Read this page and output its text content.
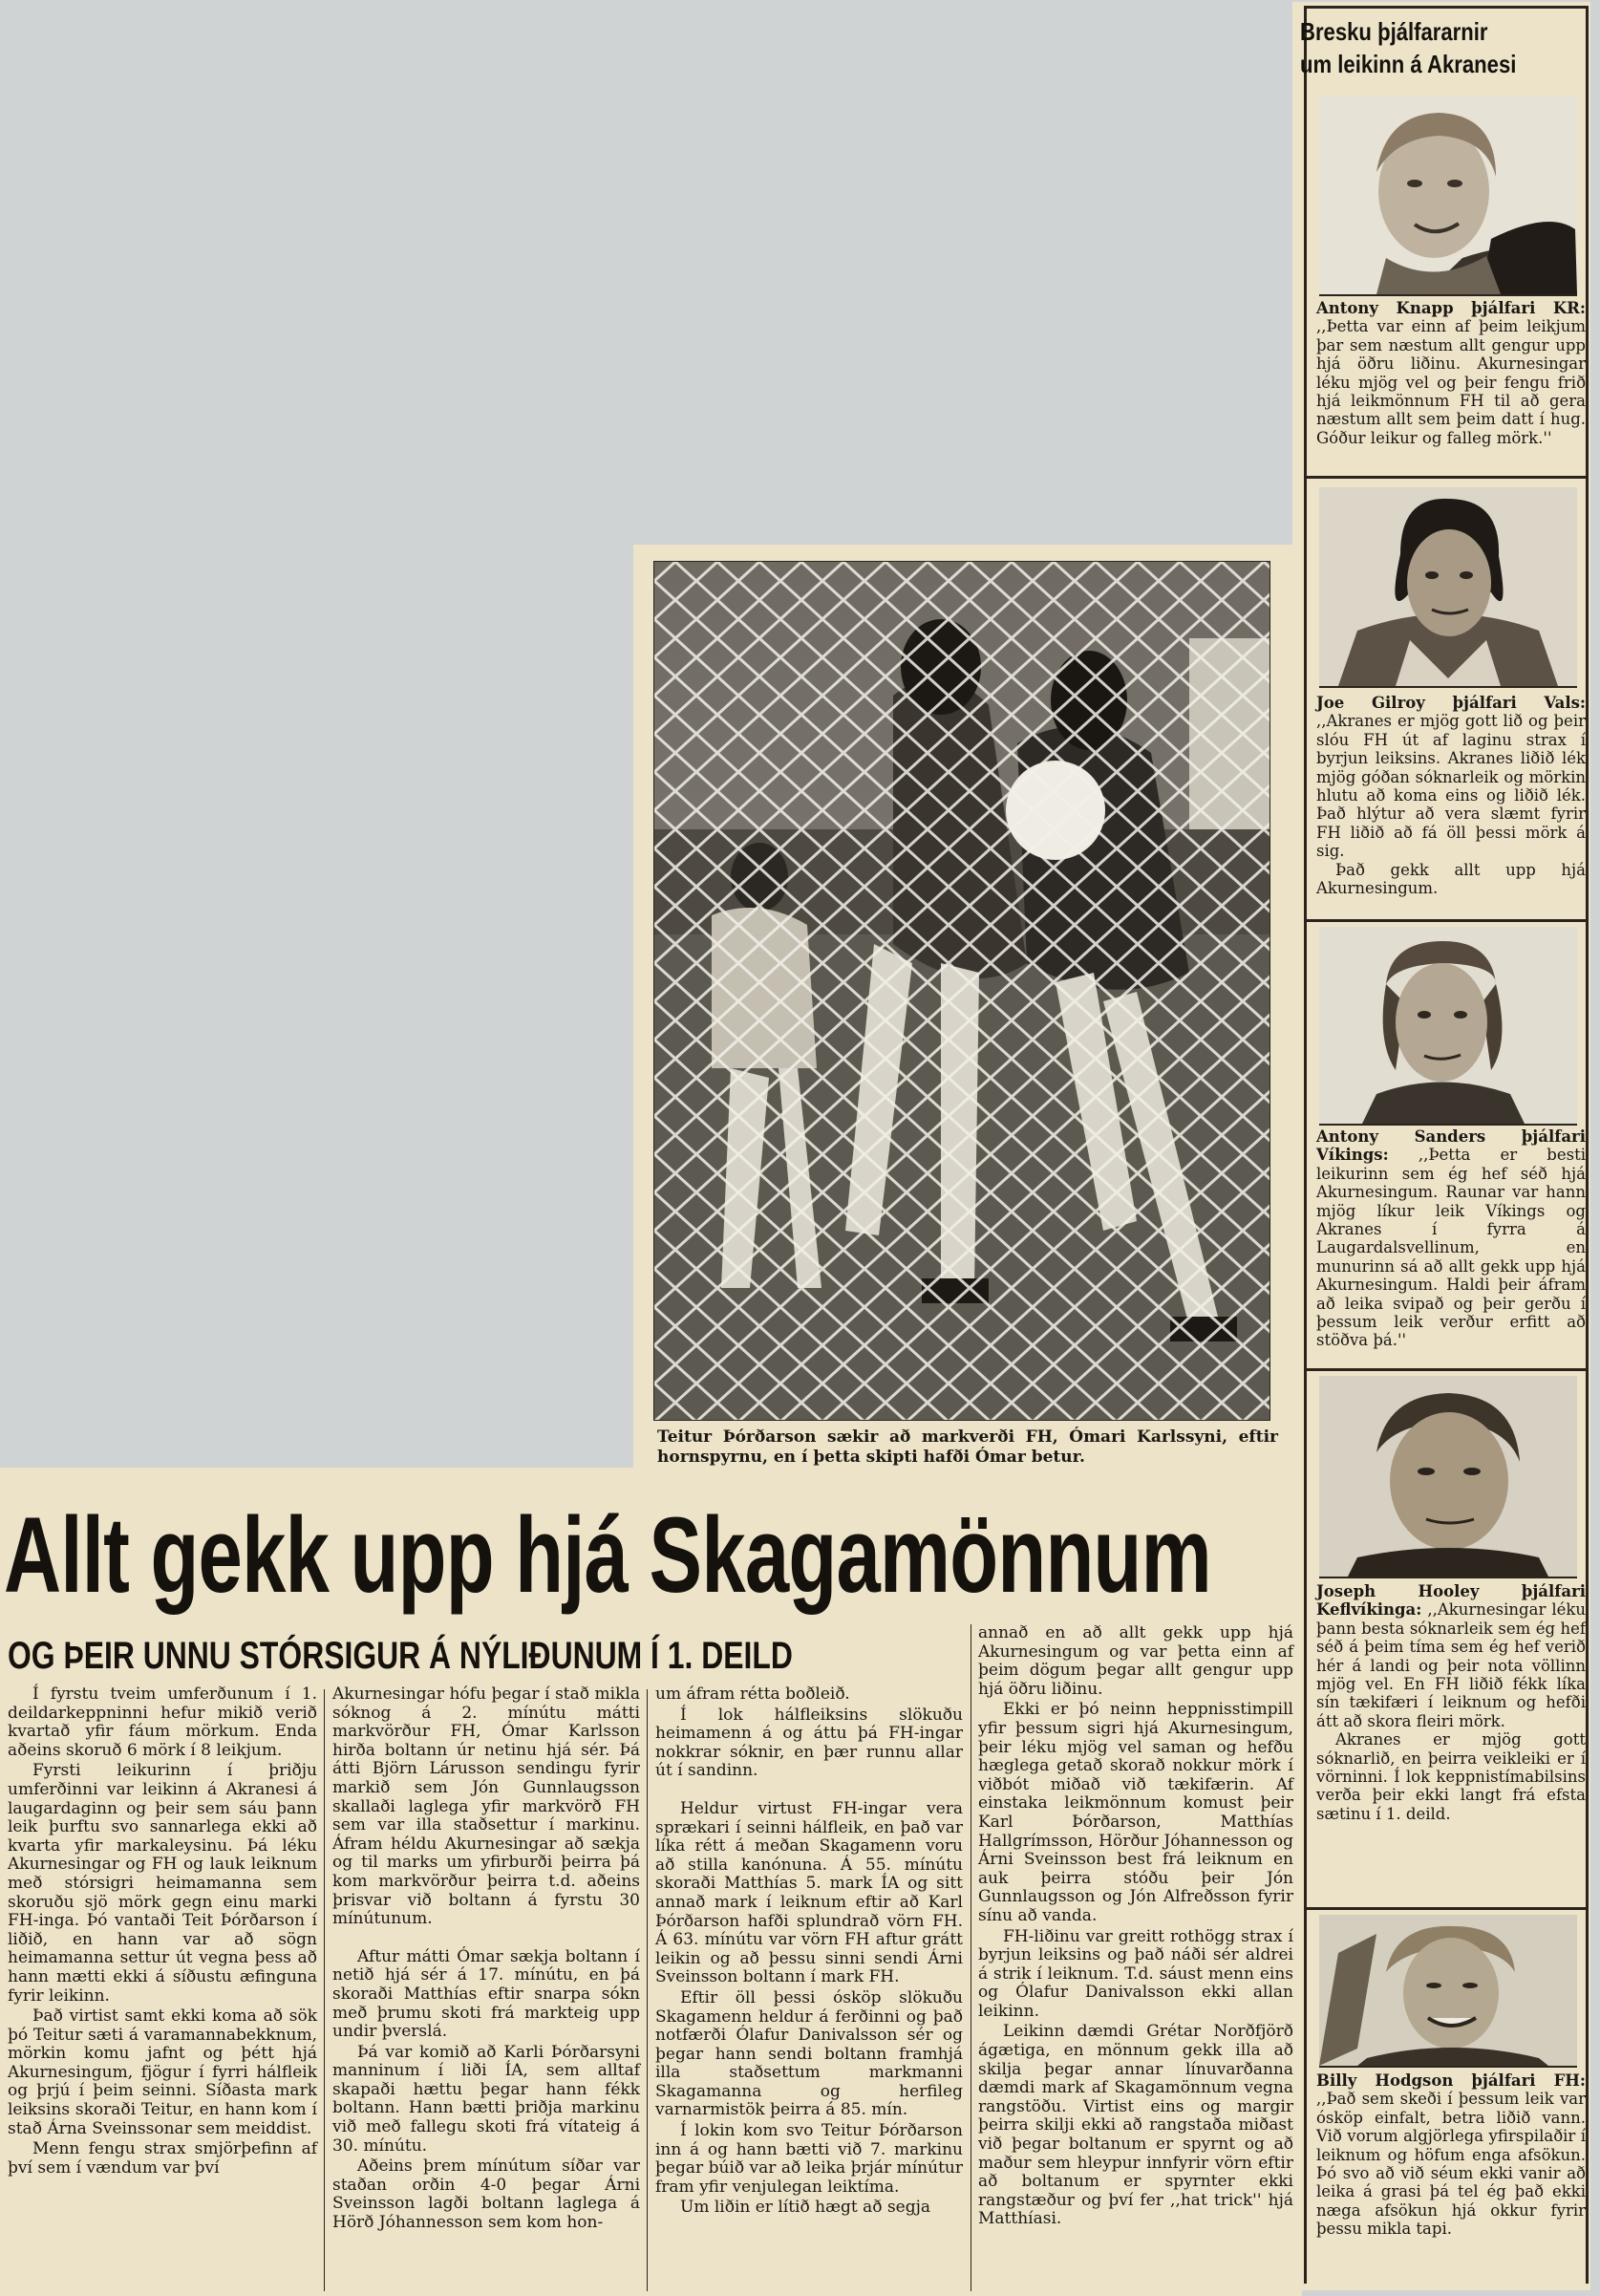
Bresku þjálfararnir
um leikinn á Akranesi

Antony Knapp þjálfari KR: ,,Þetta var einn af þeim leikjum þar sem næstum allt gengur upp hjá öðru liðinu. Akurnesingar léku mjög vel og þeir fengu frið hjá leikmönnum FH til að gera næstum allt sem þeim datt í hug. Góður leikur og falleg mörk.''

Joe Gilroy þjálfari Vals: ,,Akranes er mjög gott lið og þeir slóu FH út af laginu strax í byrjun leiksins. Akranes liðið lék mjög góðan sóknarleik og mörkin hlutu að koma eins og liðið lék. Það hlýtur að vera slæmt fyrir FH liðið að fá öll þessi mörk á sig.

Það gekk allt upp hjá Akurnesingum.

Antony Sanders þjálfari Víkings: ,,Þetta er besti leikurinn sem ég hef séð hjá Akurnesingum. Raunar var hann mjög líkur leik Víkings og Akranes í fyrra á Laugardalsvellinum, en munurinn sá að allt gekk upp hjá Akurnesingum. Haldi þeir áfram að leika svipað og þeir gerðu í þessum leik verður erfitt að stöðva þá.''

Joseph Hooley þjálfari Keflvíkinga: ,,Akurnesingar léku þann besta sóknarleik sem ég hef séð á þeim tíma sem ég hef verið hér á landi og þeir nota völlinn mjög vel. En FH liðið fékk líka sín tækifæri í leiknum og hefði átt að skora fleiri mörk.

Akranes er mjög gott sóknarlið, en þeirra veikleiki er í vörninni. Í lok keppnistímabilsins verða þeir ekki langt frá efsta sætinu í 1. deild.

Billy Hodgson þjálfari FH: ,,Það sem skeði í þessum leik var ósköp einfalt, betra liðið vann. Við vorum algjörlega yfirspilaðir í leiknum og höfum enga afsökun. Þó svo að við séum ekki vanir að leika á grasi þá tel ég það ekki næga afsökun hjá okkur fyrir þessu mikla tapi.

Teitur Þórðarson sækir að markverði FH, Ómari Karlssyni, eftir hornspyrnu, en í þetta skipti hafði Ómar betur.
Allt gekk upp hjá Skagamönnum
OG ÞEIR UNNU STÓRSIGUR Á NÝLIÐUNUM Í 1. DEILD

Í fyrstu tveim umferðunum í 1. deildarkeppninni hefur mikið verið kvartað yfir fáum mörkum. Enda aðeins skoruð 6 mörk í 8 leikjum.

Fyrsti leikurinn í þriðju umferðinni var leikinn á Akranesi á laugardaginn og þeir sem sáu þann leik þurftu svo sannarlega ekki að kvarta yfir markaleysinu. Þá léku Akurnesingar og FH og lauk leiknum með stórsigri heimamanna sem skoruðu sjö mörk gegn einu marki FH-inga. Þó vantaði Teit Þórðarson í liðið, en hann var að sögn heimamanna settur út vegna þess að hann mætti ekki á síðustu æfinguna fyrir leikinn.

Það virtist samt ekki koma að sök þó Teitur sæti á varamannabekknum, mörkin komu jafnt og þétt hjá Akurnesingum, fjögur í fyrri hálfleik og þrjú í þeim seinni. Síðasta mark leiksins skoraði Teitur, en hann kom í stað Árna Sveinssonar sem meiddist.

Menn fengu strax smjörþefinn af því sem í vændum var því

Akurnesingar hófu þegar í stað mikla sóknog á 2. mínútu mátti markvörður FH, Ómar Karlsson hirða boltann úr netinu hjá sér. Þá átti Björn Lárusson sendingu fyrir markið sem Jón Gunnlaugsson skallaði laglega yfir markvörð FH sem var illa staðsettur í markinu. Áfram héldu Akurnesingar að sækja og til marks um yfirburði þeirra þá kom markvörður þeirra t.d. aðeins þrisvar við boltann á fyrstu 30 mínútunum.

Aftur mátti Ómar sækja boltann í netið hjá sér á 17. mínútu, en þá skoraði Matthías eftir snarpa sókn með þrumu skoti frá markteig upp undir þverslá.

Þá var komið að Karli Þórðarsyni manninum í liði ÍA, sem alltaf skapaði hættu þegar hann fékk boltann. Hann bætti þriðja markinu við með fallegu skoti frá vítateig á 30. mínútu.

Aðeins þrem mínútum síðar var staðan orðin 4-0 þegar Árni Sveinsson lagði boltann laglega á Hörð Jóhannesson sem kom hon-

um áfram rétta boðleið.

Í lok hálfleiksins slökuðu heimamenn á og áttu þá FH-ingar nokkrar sóknir, en þær runnu allar út í sandinn.

Heldur virtust FH-ingar vera sprækari í seinni hálfleik, en það var líka rétt á meðan Skagamenn voru að stilla kanónuna. Á 55. mínútu skoraði Matthías 5. mark ÍA og sitt annað mark í leiknum eftir að Karl Þórðarson hafði splundrað vörn FH. Á 63. mínútu var vörn FH aftur grátt leikin og að þessu sinni sendi Árni Sveinsson boltann í mark FH.

Eftir öll þessi ósköp slökuðu Skagamenn heldur á ferðinni og það notfærði Ólafur Danivalsson sér og þegar hann sendi boltann framhjá illa staðsettum markmanni Skagamanna og herfileg varnarmistök þeirra á 85. mín.

Í lokin kom svo Teitur Þórðarson inn á og hann bætti við 7. markinu þegar búið var að leika þrjár mínútur fram yfir venjulegan leiktíma.

Um liðin er lítið hægt að segja

annað en að allt gekk upp hjá Akurnesingum og var þetta einn af þeim dögum þegar allt gengur upp hjá öðru liðinu.

Ekki er þó neinn heppnisstimpill yfir þessum sigri hjá Akurnesingum, þeir léku mjög vel saman og hefðu hæglega getað skorað nokkur mörk í viðbót miðað við tækifærin. Af einstaka leikmönnum komust þeir Karl Þórðarson, Matthías Hallgrímsson, Hörður Jóhannesson og Árni Sveinsson best frá leiknum en auk þeirra stóðu þeir Jón Gunnlaugsson og Jón Alfreðsson fyrir sínu að vanda.

FH-liðinu var greitt rothögg strax í byrjun leiksins og það náði sér aldrei á strik í leiknum. T.d. sáust menn eins og Ólafur Danivalsson ekki allan leikinn.

Leikinn dæmdi Grétar Norðfjörð ágætiga, en mönnum gekk illa að skilja þegar annar línuvarðanna dæmdi mark af Skagamönnum vegna rangstöðu. Virtist eins og margir þeirra skilji ekki að rangstaða miðast við þegar boltanum er spyrnt og að maður sem hleypur innfyrir vörn eftir að boltanum er spyrnter ekki rangstæður og því fer ,,hat trick'' hjá Matthíasi.
